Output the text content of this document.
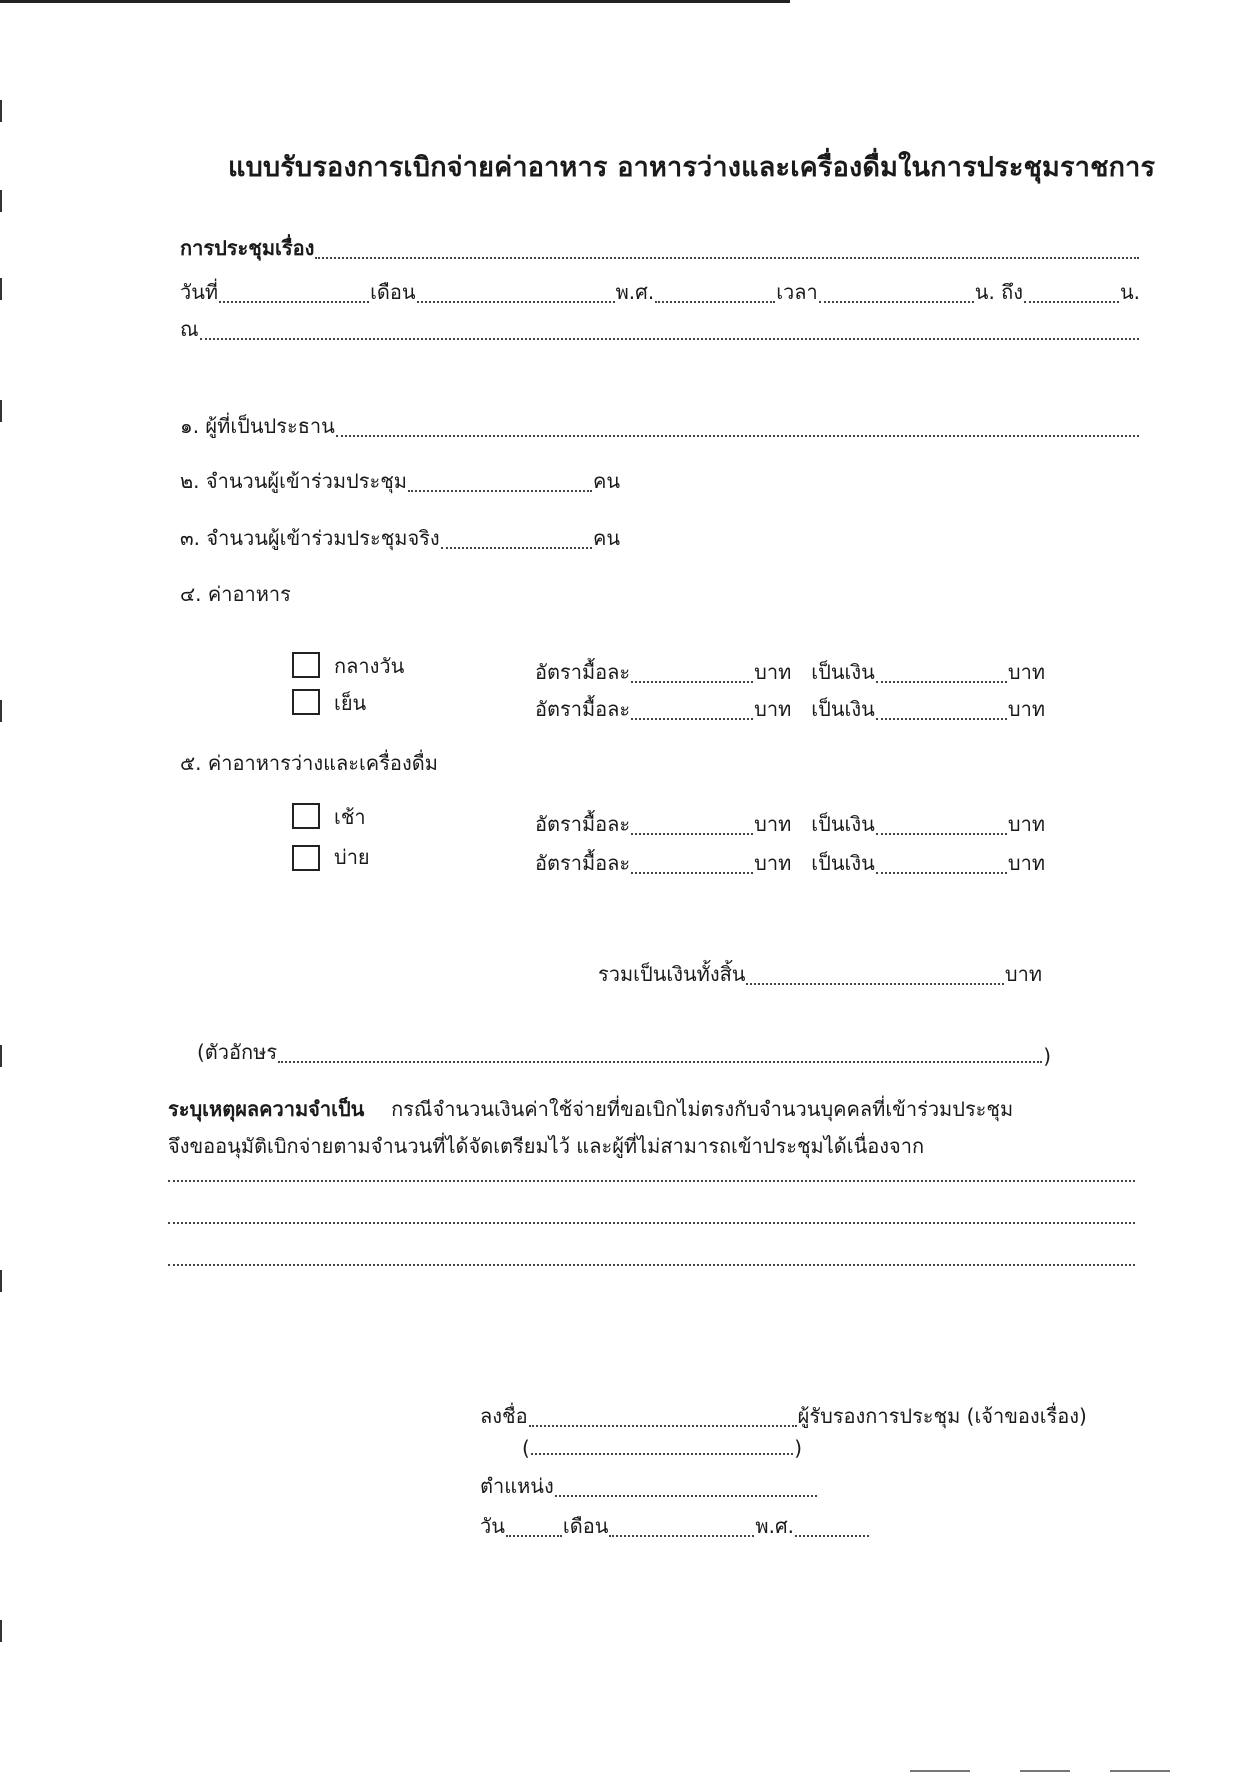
แบบรับรองการเบิกจ่ายค่าอาหาร อาหารว่างและเครื่องดื่มในการประชุมราชการ
การประชุมเรื่อง
วันที่	เดือน	พ.ศ.	เวลา	น. ถึง	น.
ณ
๑. ผู้ที่เป็นประธาน
๒. จำนวนผู้เข้าร่วมประชุม	คน
๓. จำนวนผู้เข้าร่วมประชุมจริง	คน
๔. ค่าอาหาร
กลางวัน	อัตรามื้อละ	บาท เป็นเงิน	บาท
เย็น	อัตรามื้อละ	บาท เป็นเงิน	บาท
๕. ค่าอาหารว่างและเครื่องดื่ม
เช้า	อัตรามื้อละ	บาท เป็นเงิน	บาท
บ่าย	อัตรามื้อละ	บาท เป็นเงิน	บาท
รวมเป็นเงินทั้งสิ้น	บาท
(ตัวอักษร	)
ระบุเหตุผลความจำเป็น กรณีจำนวนเงินค่าใช้จ่ายที่ขอเบิกไม่ตรงกับจำนวนบุคคลที่เข้าร่วมประชุม
จึงขออนุมัติเบิกจ่ายตามจำนวนที่ได้จัดเตรียมไว้ และผู้ที่ไม่สามารถเข้าประชุมได้เนื่องจาก
ลงชื่อ	ผู้รับรองการประชุม (เจ้าของเรื่อง)
(	)
ตำแหน่ง
วัน	เดือน	พ.ศ.
